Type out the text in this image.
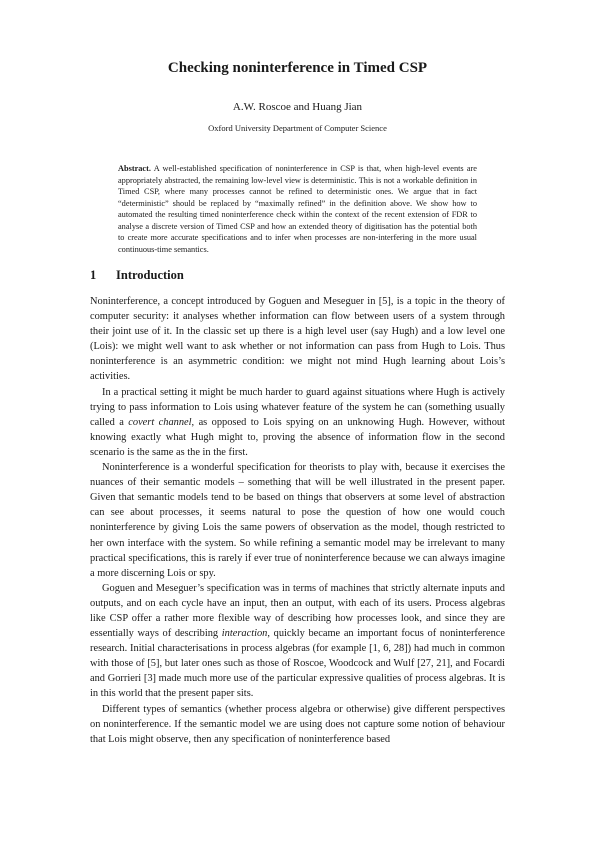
Checking noninterference in Timed CSP
A.W. Roscoe and Huang Jian
Oxford University Department of Computer Science
Abstract. A well-established specification of noninterference in CSP is that, when high-level events are appropriately abstracted, the remaining low-level view is deterministic. This is not a workable definition in Timed CSP, where many processes cannot be refined to deterministic ones. We argue that in fact “deterministic” should be replaced by “maximally refined” in the definition above. We show how to automated the resulting timed noninterference check within the context of the recent extension of FDR to analyse a discrete version of Timed CSP and how an extended theory of digitisation has the potential both to create more accurate specifications and to infer when processes are non-interfering in the more usual continuous-time semantics.
1 Introduction

Noninterference, a concept introduced by Goguen and Meseguer in [5], is a topic in the theory of computer security: it analyses whether information can flow between users of a system through their joint use of it. In the classic set up there is a high level user (say Hugh) and a low level one (Lois): we might well want to ask whether or not information can pass from Hugh to Lois. Thus noninterference is an asymmetric condition: we might not mind Hugh learning about Lois’s activities.

In a practical setting it might be much harder to guard against situations where Hugh is actively trying to pass information to Lois using whatever feature of the system he can (something usually called a covert channel, as opposed to Lois spying on an unknowing Hugh. However, without knowing exactly what Hugh might to, proving the absence of information flow in the second scenario is the same as the in the first.

Noninterference is a wonderful specification for theorists to play with, because it exercises the nuances of their semantic models – something that will be well illustrated in the present paper. Given that semantic models tend to be based on things that observers at some level of abstraction can see about processes, it seems natural to pose the question of how one would couch noninterference by giving Lois the same powers of observation as the model, though restricted to her own interface with the system. So while refining a semantic model may be irrelevant to many practical specifications, this is rarely if ever true of noninterference because we can always imagine a more discerning Lois or spy.

Goguen and Meseguer’s specification was in terms of machines that strictly alternate inputs and outputs, and on each cycle have an input, then an output, with each of its users. Process algebras like CSP offer a rather more flexible way of describing how processes look, and since they are essentially ways of describing interaction, quickly became an important focus of noninterference research. Initial characterisations in process algebras (for example [1, 6, 28]) had much in common with those of [5], but later ones such as those of Roscoe, Woodcock and Wulf [27, 21], and Focardi and Gorrieri [3] made much more use of the particular expressive qualities of process algebras. It is in this world that the present paper sits.

Different types of semantics (whether process algebra or otherwise) give different perspectives on noninterference. If the semantic model we are using does not capture some notion of behaviour that Lois might observe, then any specification of noninterference based
